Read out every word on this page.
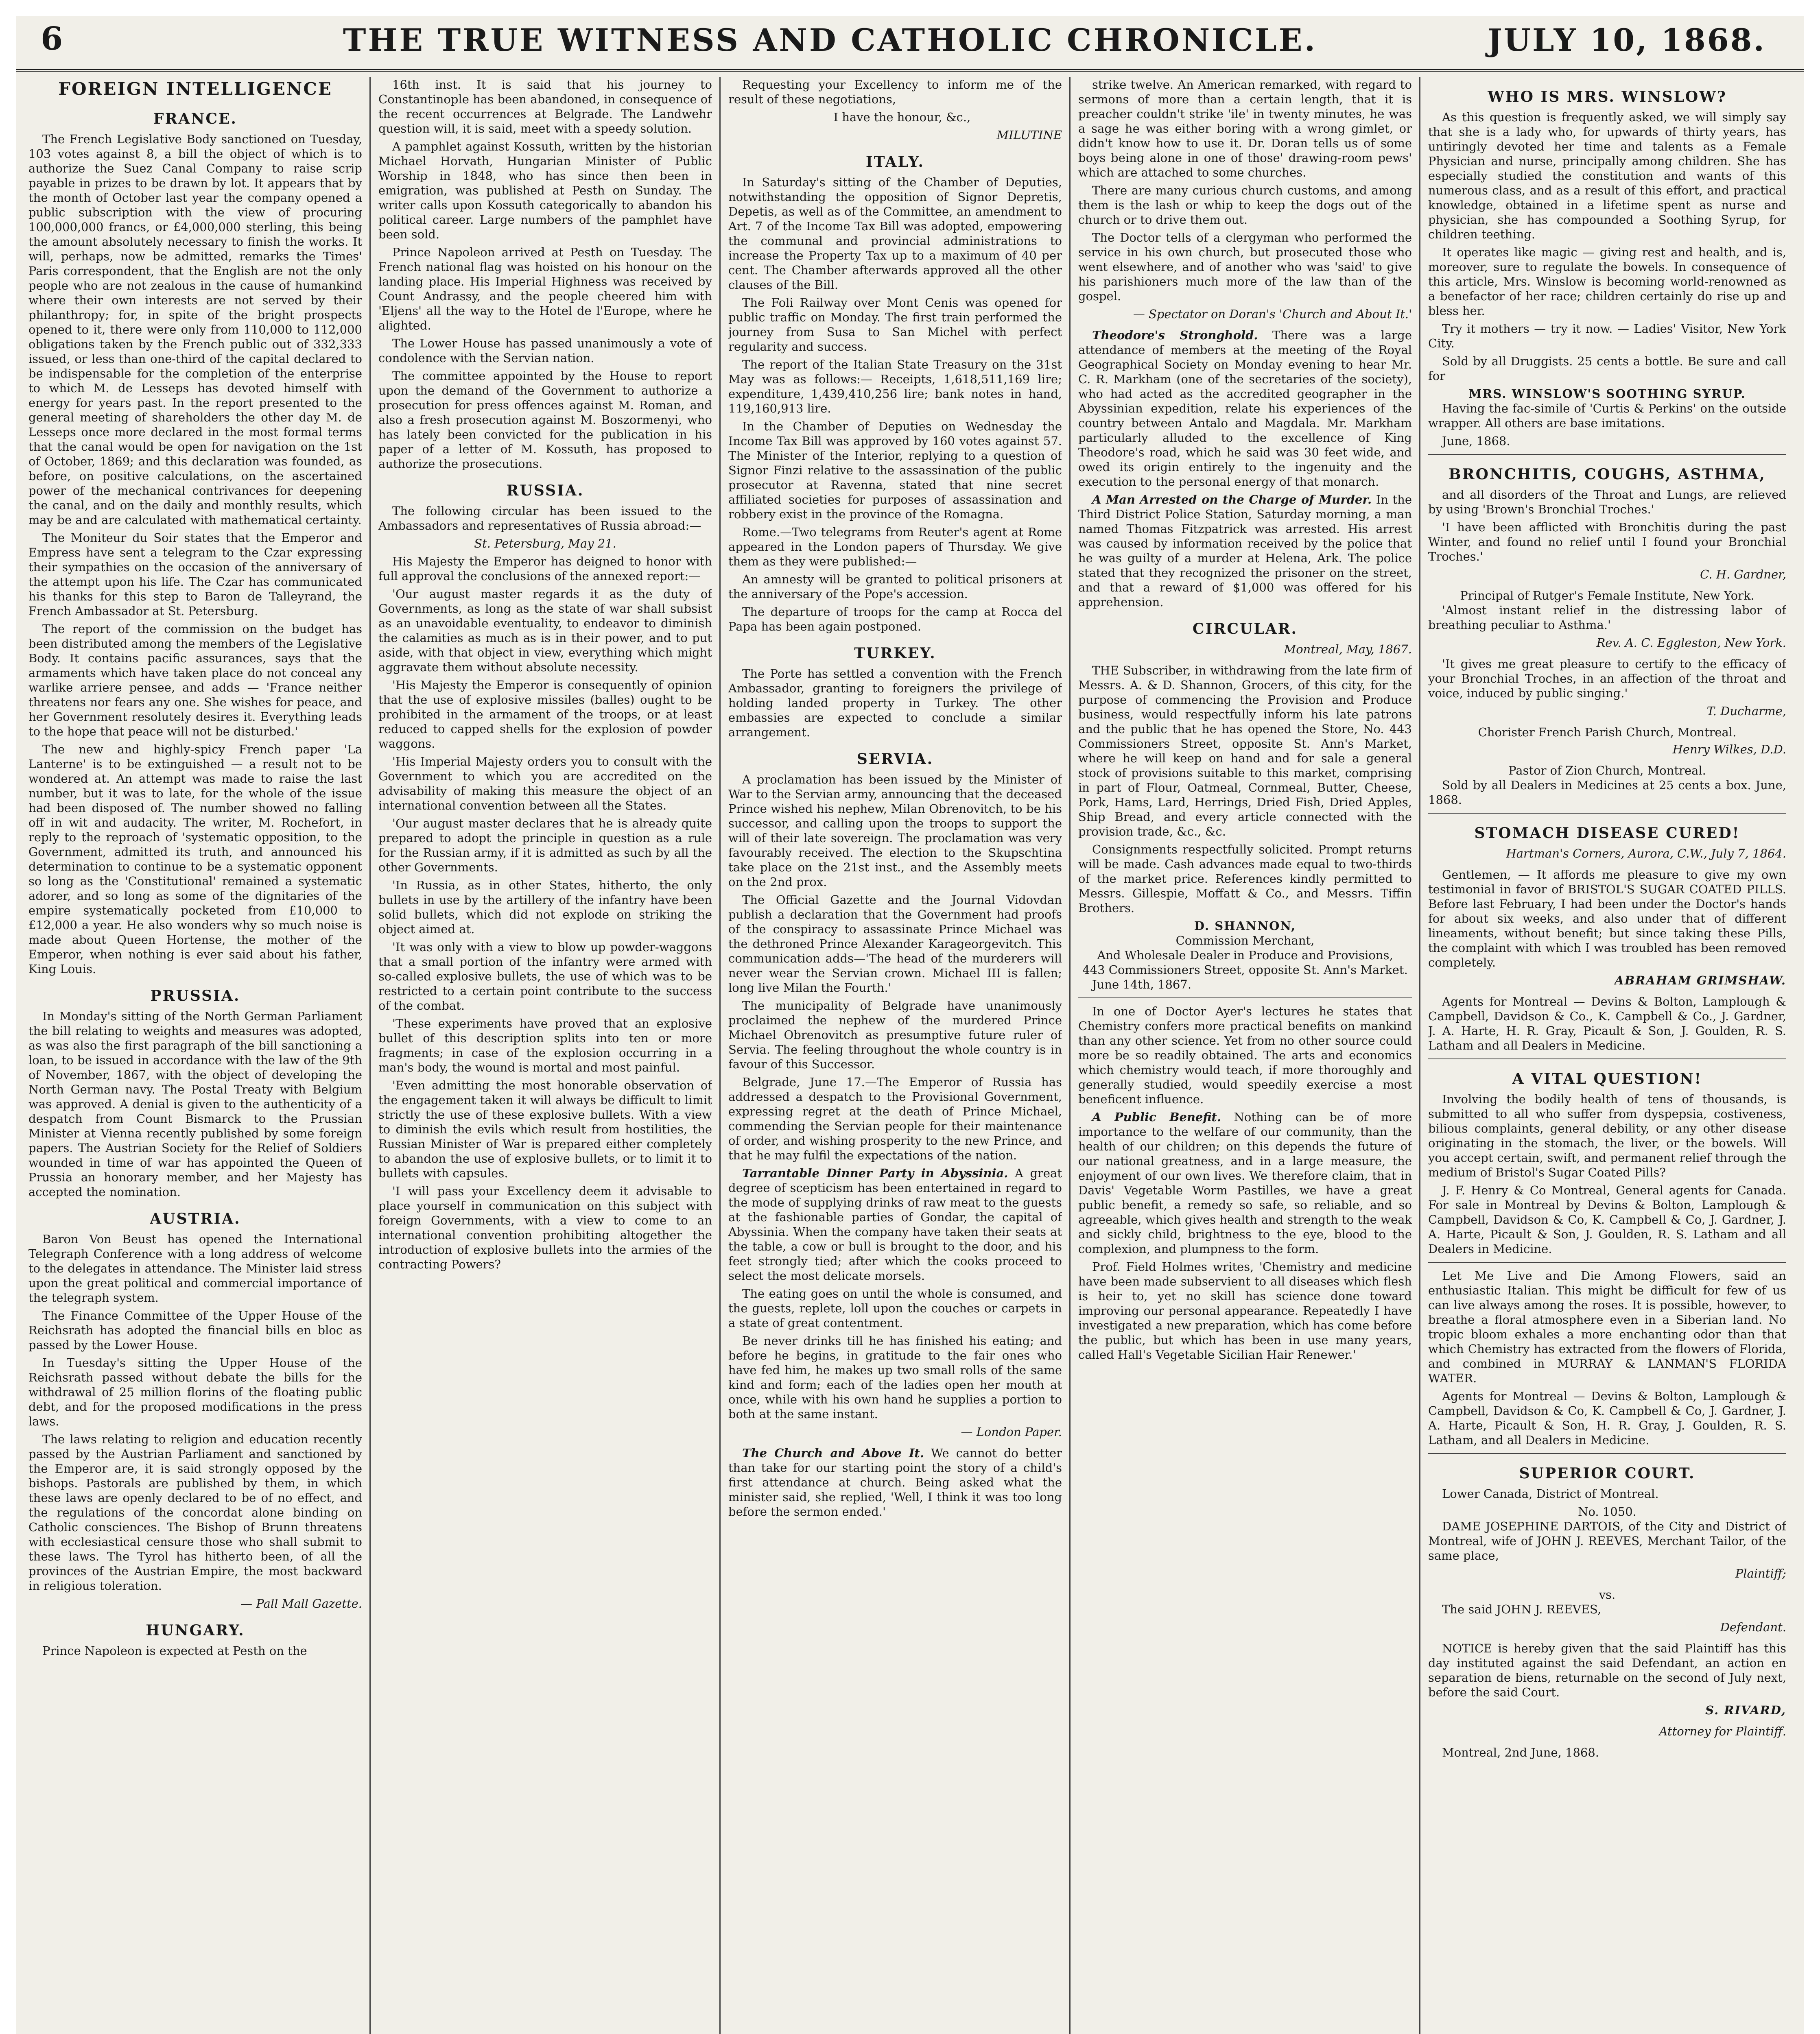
6	THE TRUE WITNESS AND CATHOLIC CHRONICLE.	JULY 10, 1868.
FOREIGN INTELLIGENCE
FRANCE.

The French Legislative Body sanctioned on Tuesday, 103 votes against 8, a bill the object of which is to authorize the Suez Canal Company to raise scrip payable in prizes to be drawn by lot. It appears that by the month of October last year the company opened a public subscription with the view of procuring 100,000,000 francs, or £4,000,000 sterling, this being the amount absolutely necessary to finish the works. It will, perhaps, now be admitted, remarks the Times' Paris correspondent, that the English are not the only people who are not zealous in the cause of humankind where their own interests are not served by their philanthropy; for, in spite of the bright prospects opened to it, there were only from 110,000 to 112,000 obligations taken by the French public out of 332,333 issued, or less than one-third of the capital declared to be indispensable for the completion of the enterprise to which M. de Lesseps has devoted himself with energy for years past. In the report presented to the general meeting of shareholders the other day M. de Lesseps once more declared in the most formal terms that the canal would be open for navigation on the 1st of October, 1869; and this declaration was founded, as before, on positive calculations, on the ascertained power of the mechanical contrivances for deepening the canal, and on the daily and monthly results, which may be and are calculated with mathematical certainty.

The Moniteur du Soir states that the Emperor and Empress have sent a telegram to the Czar expressing their sympathies on the occasion of the anniversary of the attempt upon his life. The Czar has communicated his thanks for this step to Baron de Talleyrand, the French Ambassador at St. Petersburg.

The report of the commission on the budget has been distributed among the members of the Legislative Body. It contains pacific assurances, says that the armaments which have taken place do not conceal any warlike arriere pensee, and adds — 'France neither threatens nor fears any one. She wishes for peace, and her Government resolutely desires it. Everything leads to the hope that peace will not be disturbed.'

The new and highly-spicy French paper 'La Lanterne' is to be extinguished — a result not to be wondered at. An attempt was made to raise the last number, but it was to late, for the whole of the issue had been disposed of. The number showed no falling off in wit and audacity. The writer, M. Rochefort, in reply to the reproach of 'systematic opposition, to the Government, admitted its truth, and announced his determination to continue to be a systematic opponent so long as the 'Constitutional' remained a systematic adorer, and so long as some of the dignitaries of the empire systematically pocketed from £10,000 to £12,000 a year. He also wonders why so much noise is made about Queen Hortense, the mother of the Emperor, when nothing is ever said about his father, King Louis.

PRUSSIA.

In Monday's sitting of the North German Parliament the bill relating to weights and measures was adopted, as was also the first paragraph of the bill sanctioning a loan, to be issued in accordance with the law of the 9th of November, 1867, with the object of developing the North German navy. The Postal Treaty with Belgium was approved. A denial is given to the authenticity of a despatch from Count Bismarck to the Prussian Minister at Vienna recently published by some foreign papers. The Austrian Society for the Relief of Soldiers wounded in time of war has appointed the Queen of Prussia an honorary member, and her Majesty has accepted the nomination.

AUSTRIA.

Baron Von Beust has opened the International Telegraph Conference with a long address of welcome to the delegates in attendance. The Minister laid stress upon the great political and commercial importance of the telegraph system.

The Finance Committee of the Upper House of the Reichsrath has adopted the financial bills en bloc as passed by the Lower House.

In Tuesday's sitting the Upper House of the Reichsrath passed without debate the bills for the withdrawal of 25 million florins of the floating public debt, and for the proposed modifications in the press laws.

The laws relating to religion and education recently passed by the Austrian Parliament and sanctioned by the Emperor are, it is said strongly opposed by the bishops. Pastorals are published by them, in which these laws are openly declared to be of no effect, and the regulations of the concordat alone binding on Catholic consciences. The Bishop of Brunn threatens with ecclesiastical censure those who shall submit to these laws. The Tyrol has hitherto been, of all the provinces of the Austrian Empire, the most backward in religious toleration.

— Pall Mall Gazette.
HUNGARY.

Prince Napoleon is expected at Pesth on the

16th inst. It is said that his journey to Constantinople has been abandoned, in consequence of the recent occurrences at Belgrade. The Landwehr question will, it is said, meet with a speedy solution.

A pamphlet against Kossuth, written by the historian Michael Horvath, Hungarian Minister of Public Worship in 1848, who has since then been in emigration, was published at Pesth on Sunday. The writer calls upon Kossuth categorically to abandon his political career. Large numbers of the pamphlet have been sold.

Prince Napoleon arrived at Pesth on Tuesday. The French national flag was hoisted on his honour on the landing place. His Imperial Highness was received by Count Andrassy, and the people cheered him with 'Eljens' all the way to the Hotel de l'Europe, where he alighted.

The Lower House has passed unanimously a vote of condolence with the Servian nation.

The committee appointed by the House to report upon the demand of the Government to authorize a prosecution for press offences against M. Roman, and also a fresh prosecution against M. Boszormenyi, who has lately been convicted for the publication in his paper of a letter of M. Kossuth, has proposed to authorize the prosecutions.

RUSSIA.

The following circular has been issued to the Ambassadors and representatives of Russia abroad:—

St. Petersburg, May 21.

His Majesty the Emperor has deigned to honor with full approval the conclusions of the annexed report:—

'Our august master regards it as the duty of Governments, as long as the state of war shall subsist as an unavoidable eventuality, to endeavor to diminish the calamities as much as is in their power, and to put aside, with that object in view, everything which might aggravate them without absolute necessity.

'His Majesty the Emperor is consequently of opinion that the use of explosive missiles (balles) ought to be prohibited in the armament of the troops, or at least reduced to capped shells for the explosion of powder waggons.

'His Imperial Majesty orders you to consult with the Government to which you are accredited on the advisability of making this measure the object of an international convention between all the States.

'Our august master declares that he is already quite prepared to adopt the principle in question as a rule for the Russian army, if it is admitted as such by all the other Governments.

'In Russia, as in other States, hitherto, the only bullets in use by the artillery of the infantry have been solid bullets, which did not explode on striking the object aimed at.

'It was only with a view to blow up powder-waggons that a small portion of the infantry were armed with so-called explosive bullets, the use of which was to be restricted to a certain point contribute to the success of the combat.

'These experiments have proved that an explosive bullet of this description splits into ten or more fragments; in case of the explosion occurring in a man's body, the wound is mortal and most painful.

'Even admitting the most honorable observation of the engagement taken it will always be difficult to limit strictly the use of these explosive bullets. With a view to diminish the evils which result from hostilities, the Russian Minister of War is prepared either completely to abandon the use of explosive bullets, or to limit it to bullets with capsules.

'I will pass your Excellency deem it advisable to place yourself in communication on this subject with foreign Governments, with a view to come to an international convention prohibiting altogether the introduction of explosive bullets into the armies of the contracting Powers?

Requesting your Excellency to inform me of the result of these negotiations,

I have the honour, &c.,

MILUTINE
ITALY.

In Saturday's sitting of the Chamber of Deputies, notwithstanding the opposition of Signor Depretis, Depetis, as well as of the Committee, an amendment to Art. 7 of the Income Tax Bill was adopted, empowering the communal and provincial administrations to increase the Property Tax up to a maximum of 40 per cent. The Chamber afterwards approved all the other clauses of the Bill.

The Foli Railway over Mont Cenis was opened for public traffic on Monday. The first train performed the journey from Susa to San Michel with perfect regularity and success.

The report of the Italian State Treasury on the 31st May was as follows:— Receipts, 1,618,511,169 lire; expenditure, 1,439,410,256 lire; bank notes in hand, 119,160,913 lire.

In the Chamber of Deputies on Wednesday the Income Tax Bill was approved by 160 votes against 57. The Minister of the Interior, replying to a question of Signor Finzi relative to the assassination of the public prosecutor at Ravenna, stated that nine secret affiliated societies for purposes of assassination and robbery exist in the province of the Romagna.

Rome.—Two telegrams from Reuter's agent at Rome appeared in the London papers of Thursday. We give them as they were published:—

An amnesty will be granted to political prisoners at the anniversary of the Pope's accession.

The departure of troops for the camp at Rocca del Papa has been again postponed.

TURKEY.

The Porte has settled a convention with the French Ambassador, granting to foreigners the privilege of holding landed property in Turkey. The other embassies are expected to conclude a similar arrangement.

SERVIA.

A proclamation has been issued by the Minister of War to the Servian army, announcing that the deceased Prince wished his nephew, Milan Obrenovitch, to be his successor, and calling upon the troops to support the will of their late sovereign. The proclamation was very favourably received. The election to the Skupschtina take place on the 21st inst., and the Assembly meets on the 2nd prox.

The Official Gazette and the Journal Vidovdan publish a declaration that the Government had proofs of the conspiracy to assassinate Prince Michael was the dethroned Prince Alexander Karageorgevitch. This communication adds—'The head of the murderers will never wear the Servian crown. Michael III is fallen; long live Milan the Fourth.'

The municipality of Belgrade have unanimously proclaimed the nephew of the murdered Prince Michael Obrenovitch as presumptive future ruler of Servia. The feeling throughout the whole country is in favour of this Successor.

Belgrade, June 17.—The Emperor of Russia has addressed a despatch to the Provisional Government, expressing regret at the death of Prince Michael, commending the Servian people for their maintenance of order, and wishing prosperity to the new Prince, and that he may fulfil the expectations of the nation.

Tarrantable Dinner Party in Abyssinia. A great degree of scepticism has been entertained in regard to the mode of supplying drinks of raw meat to the guests at the fashionable parties of Gondar, the capital of Abyssinia. When the company have taken their seats at the table, a cow or bull is brought to the door, and his feet strongly tied; after which the cooks proceed to select the most delicate morsels.

The eating goes on until the whole is consumed, and the guests, replete, loll upon the couches or carpets in a state of great contentment.

Be never drinks till he has finished his eating; and before he begins, in gratitude to the fair ones who have fed him, he makes up two small rolls of the same kind and form; each of the ladies open her mouth at once, while with his own hand he supplies a portion to both at the same instant.

— London Paper.

The Church and Above It. We cannot do better than take for our starting point the story of a child's first attendance at church. Being asked what the minister said, she replied, 'Well, I think it was too long before the sermon ended.'

strike twelve. An American remarked, with regard to sermons of more than a certain length, that it is preacher couldn't strike 'ile' in twenty minutes, he was a sage he was either boring with a wrong gimlet, or didn't know how to use it. Dr. Doran tells us of some boys being alone in one of those' drawing-room pews' which are attached to some churches.

There are many curious church customs, and among them is the lash or whip to keep the dogs out of the church or to drive them out.

The Doctor tells of a clergyman who performed the service in his own church, but prosecuted those who went elsewhere, and of another who was 'said' to give his parishioners much more of the law than of the gospel.

— Spectator on Doran's 'Church and About It.'

Theodore's Stronghold. There was a large attendance of members at the meeting of the Royal Geographical Society on Monday evening to hear Mr. C. R. Markham (one of the secretaries of the society), who had acted as the accredited geographer in the Abyssinian expedition, relate his experiences of the country between Antalo and Magdala. Mr. Markham particularly alluded to the excellence of King Theodore's road, which he said was 30 feet wide, and owed its origin entirely to the ingenuity and the execution to the personal energy of that monarch.

A Man Arrested on the Charge of Murder. In the Third District Police Station, Saturday morning, a man named Thomas Fitzpatrick was arrested. His arrest was caused by information received by the police that he was guilty of a murder at Helena, Ark. The police stated that they recognized the prisoner on the street, and that a reward of $1,000 was offered for his apprehension.

CIRCULAR.
Montreal, May, 1867.

THE Subscriber, in withdrawing from the late firm of Messrs. A. & D. Shannon, Grocers, of this city, for the purpose of commencing the Provision and Produce business, would respectfully inform his late patrons and the public that he has opened the Store, No. 443 Commissioners Street, opposite St. Ann's Market, where he will keep on hand and for sale a general stock of provisions suitable to this market, comprising in part of Flour, Oatmeal, Cornmeal, Butter, Cheese, Pork, Hams, Lard, Herrings, Dried Fish, Dried Apples, Ship Bread, and every article connected with the provision trade, &c., &c.

Consignments respectfully solicited. Prompt returns will be made. Cash advances made equal to two-thirds of the market price. References kindly permitted to Messrs. Gillespie, Moffatt & Co., and Messrs. Tiffin Brothers.

D. SHANNON,

Commission Merchant,

And Wholesale Dealer in Produce and Provisions,

443 Commissioners Street, opposite St. Ann's Market.

June 14th, 1867.

In one of Doctor Ayer's lectures he states that Chemistry confers more practical benefits on mankind than any other science. Yet from no other source could more be so readily obtained. The arts and economics which chemistry would teach, if more thoroughly and generally studied, would speedily exercise a most beneficent influence.

A Public Benefit. Nothing can be of more importance to the welfare of our community, than the health of our children; on this depends the future of our national greatness, and in a large measure, the enjoyment of our own lives. We therefore claim, that in Davis' Vegetable Worm Pastilles, we have a great public benefit, a remedy so safe, so reliable, and so agreeable, which gives health and strength to the weak and sickly child, brightness to the eye, blood to the complexion, and plumpness to the form.

Prof. Field Holmes writes, 'Chemistry and medicine have been made subservient to all diseases which flesh is heir to, yet no skill has science done toward improving our personal appearance. Repeatedly I have investigated a new preparation, which has come before the public, but which has been in use many years, called Hall's Vegetable Sicilian Hair Renewer.'

WHO IS MRS. WINSLOW?

As this question is frequently asked, we will simply say that she is a lady who, for upwards of thirty years, has untiringly devoted her time and talents as a Female Physician and nurse, principally among children. She has especially studied the constitution and wants of this numerous class, and as a result of this effort, and practical knowledge, obtained in a lifetime spent as nurse and physician, she has compounded a Soothing Syrup, for children teething.

It operates like magic — giving rest and health, and is, moreover, sure to regulate the bowels. In consequence of this article, Mrs. Winslow is becoming world-renowned as a benefactor of her race; children certainly do rise up and bless her.

Try it mothers — try it now. — Ladies' Visitor, New York City.

Sold by all Druggists. 25 cents a bottle. Be sure and call for

MRS. WINSLOW'S SOOTHING SYRUP.

Having the fac-simile of 'Curtis & Perkins' on the outside wrapper. All others are base imitations.

June, 1868.

BRONCHITIS, COUGHS, ASTHMA,

and all disorders of the Throat and Lungs, are relieved by using 'Brown's Bronchial Troches.'

'I have been afflicted with Bronchitis during the past Winter, and found no relief until I found your Bronchial Troches.'

C. H. Gardner,

Principal of Rutger's Female Institute, New York.

'Almost instant relief in the distressing labor of breathing peculiar to Asthma.'

Rev. A. C. Eggleston, New York.

'It gives me great pleasure to certify to the efficacy of your Bronchial Troches, in an affection of the throat and voice, induced by public singing.'

T. Ducharme,

Chorister French Parish Church, Montreal.

Henry Wilkes, D.D.

Pastor of Zion Church, Montreal.

Sold by all Dealers in Medicines at 25 cents a box. June, 1868.

STOMACH DISEASE CURED!
Hartman's Corners, Aurora, C.W., July 7, 1864.

Gentlemen, — It affords me pleasure to give my own testimonial in favor of BRISTOL'S SUGAR COATED PILLS. Before last February, I had been under the Doctor's hands for about six weeks, and also under that of different lineaments, without benefit; but since taking these Pills, the complaint with which I was troubled has been removed completely.

ABRAHAM GRIMSHAW.

Agents for Montreal — Devins & Bolton, Lamplough & Campbell, Davidson & Co., K. Campbell & Co., J. Gardner, J. A. Harte, H. R. Gray, Picault & Son, J. Goulden, R. S. Latham and all Dealers in Medicine.

A VITAL QUESTION!

Involving the bodily health of tens of thousands, is submitted to all who suffer from dyspepsia, costiveness, bilious complaints, general debility, or any other disease originating in the stomach, the liver, or the bowels. Will you accept certain, swift, and permanent relief through the medium of Bristol's Sugar Coated Pills?

J. F. Henry & Co Montreal, General agents for Canada. For sale in Montreal by Devins & Bolton, Lamplough & Campbell, Davidson & Co, K. Campbell & Co, J. Gardner, J. A. Harte, Picault & Son, J. Goulden, R. S. Latham and all Dealers in Medicine.

Let Me Live and Die Among Flowers, said an enthusiastic Italian. This might be difficult for few of us can live always among the roses. It is possible, however, to breathe a floral atmosphere even in a Siberian land. No tropic bloom exhales a more enchanting odor than that which Chemistry has extracted from the flowers of Florida, and combined in MURRAY & LANMAN'S FLORIDA WATER.

Agents for Montreal — Devins & Bolton, Lamplough & Campbell, Davidson & Co, K. Campbell & Co, J. Gardner, J. A. Harte, Picault & Son, H. R. Gray, J. Goulden, R. S. Latham, and all Dealers in Medicine.

SUPERIOR COURT.

Lower Canada, District of Montreal.

No. 1050.

DAME JOSEPHINE DARTOIS, of the City and District of Montreal, wife of JOHN J. REEVES, Merchant Tailor, of the same place,

Plaintiff;

vs.

The said JOHN J. REEVES,

Defendant.

NOTICE is hereby given that the said Plaintiff has this day instituted against the said Defendant, an action en separation de biens, returnable on the second of July next, before the said Court.

S. RIVARD,
Attorney for Plaintiff.

Montreal, 2nd June, 1868.
